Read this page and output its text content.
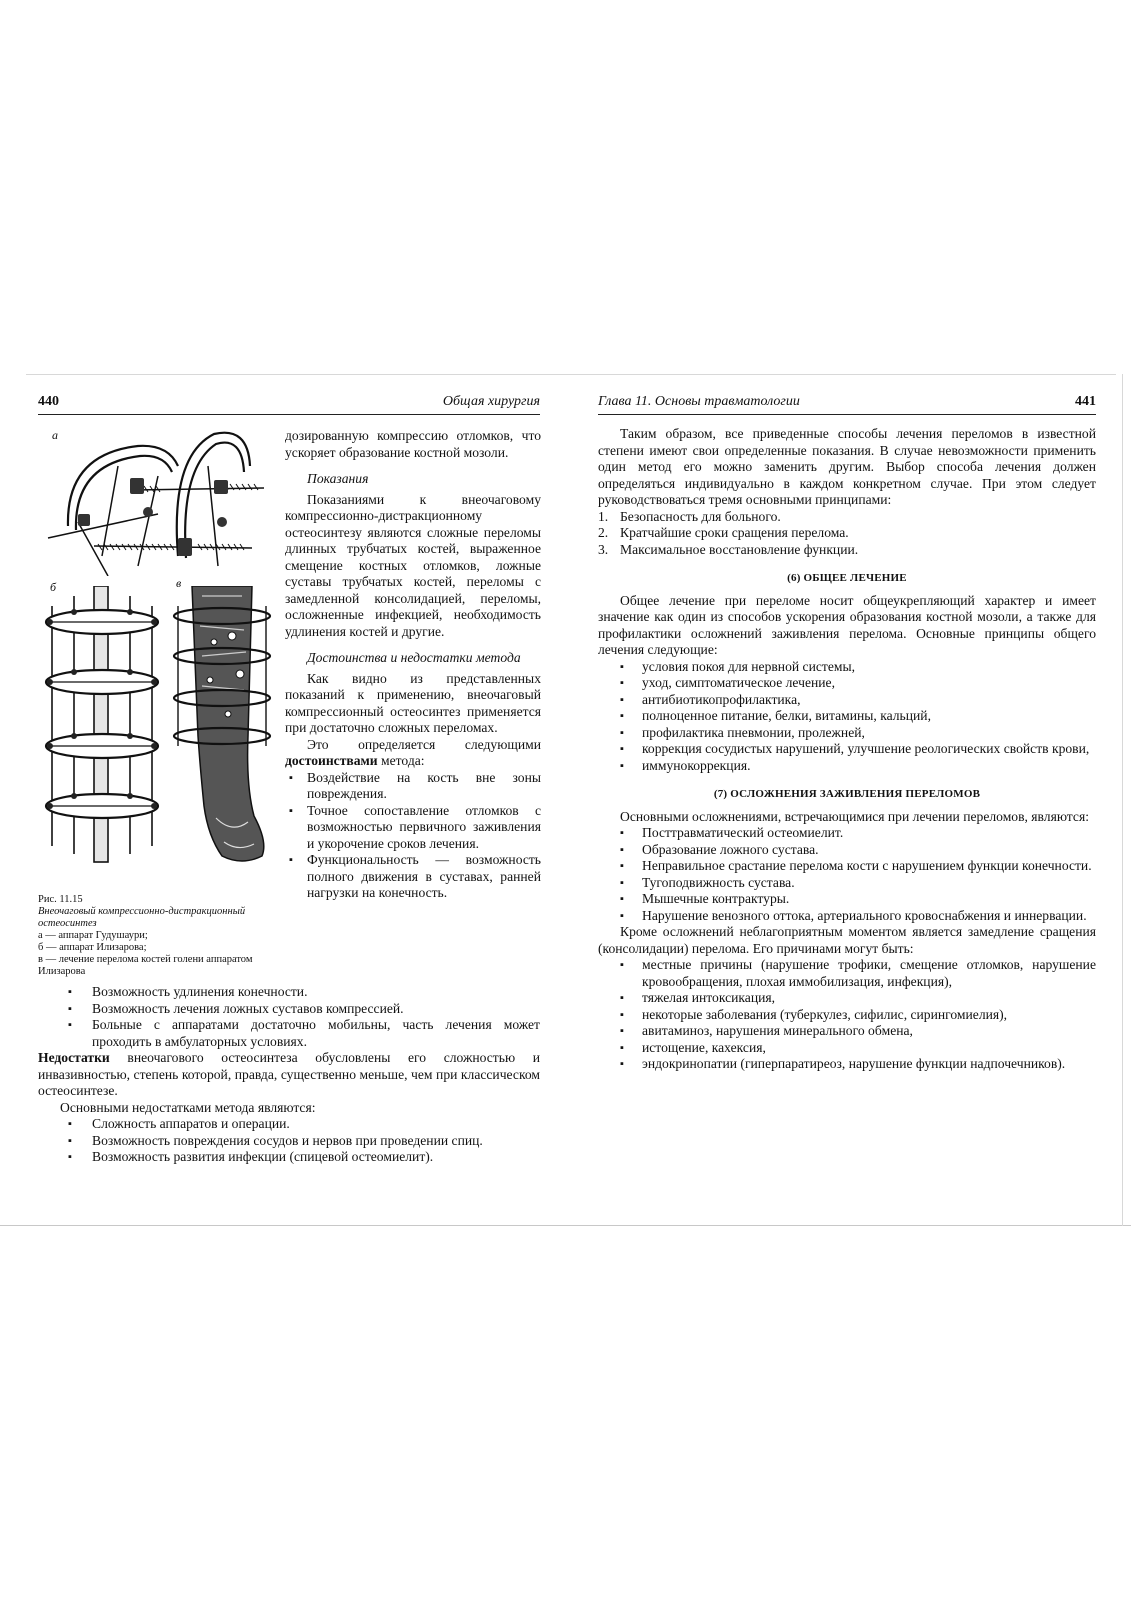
440	Общая хирургия
а
б	в
Рис. 11.15
Внеочаговый компрессионно-дистракционный остеосинтез
а — аппарат Гудушаури;
б — аппарат Илизарова;
в — лечение перелома костей голени аппаратом Илизарова

дозированную компрессию отломков, что ускоряет образование костной мозоли.

Показания

Показаниями к внеочаговому компрессионно-дистракционному остеосинтезу являются сложные переломы длинных трубчатых костей, выраженное смещение костных отломков, ложные суставы трубчатых костей, переломы с замедленной консолидацией, переломы, осложненные инфекцией, необходимость удлинения костей и другие.

Достоинства и недостатки метода

Как видно из представленных показаний к применению, внеочаговый компрессионный остеосинтез применяется при достаточно сложных переломах.

Это определяется следующими достоинствами метода:

▪ Воздействие на кость вне зоны повреждения.
▪ Точное сопоставление отломков с возможностью первичного заживления и укорочение сроков лечения.
▪ Функциональность — возможность полного движения в суставах, ранней нагрузки на конечность.
▪ Возможность удлинения конечности.
▪ Возможность лечения ложных суставов компрессией.
▪ Больные с аппаратами достаточно мобильны, часть лечения может проходить в амбулаторных условиях.

Недостатки внеочагового остеосинтеза обусловлены его сложностью и инвазивностью, степень которой, правда, существенно меньше, чем при классическом остеосинтезе.

Основными недостатками метода являются:

▪ Сложность аппаратов и операции.
▪ Возможность повреждения сосудов и нервов при проведении спиц.
▪ Возможность развития инфекции (спицевой остеомиелит).
Глава 11. Основы травматологии	441

Таким образом, все приведенные способы лечения переломов в известной степени имеют свои определенные показания. В случае невозможности применить один метод его можно заменить другим. Выбор способа лечения должен определяться индивидуально в каждом конкретном случае. При этом следует руководствоваться тремя основными принципами:

1. Безопасность для больного.
2. Кратчайшие сроки сращения перелома.
3. Максимальное восстановление функции.

(6) ОБЩЕЕ ЛЕЧЕНИЕ

Общее лечение при переломе носит общеукрепляющий характер и имеет значение как один из способов ускорения образования костной мозоли, а также для профилактики осложнений заживления перелома. Основные принципы общего лечения следующие:

▪ условия покоя для нервной системы,
▪ уход, симптоматическое лечение,
▪ антибиотикопрофилактика,
▪ полноценное питание, белки, витамины, кальций,
▪ профилактика пневмонии, пролежней,
▪ коррекция сосудистых нарушений, улучшение реологических свойств крови,
▪ иммунокоррекция.

(7) ОСЛОЖНЕНИЯ ЗАЖИВЛЕНИЯ ПЕРЕЛОМОВ

Основными осложнениями, встречающимися при лечении переломов, являются:

▪ Посттравматический остеомиелит.
▪ Образование ложного сустава.
▪ Неправильное срастание перелома кости с нарушением функции конечности.
▪ Тугоподвижность сустава.
▪ Мышечные контрактуры.
▪ Нарушение венозного оттока, артериального кровоснабжения и иннервации.

Кроме осложнений неблагоприятным моментом является замедление сращения (консолидации) перелома. Его причинами могут быть:

▪ местные причины (нарушение трофики, смещение отломков, нарушение кровообращения, плохая иммобилизация, инфекция),
▪ тяжелая интоксикация,
▪ некоторые заболевания (туберкулез, сифилис, сирингомиелия),
▪ авитаминоз, нарушения минерального обмена,
▪ истощение, кахексия,
▪ эндокринопатии (гиперпаратиреоз, нарушение функции надпочечников).
